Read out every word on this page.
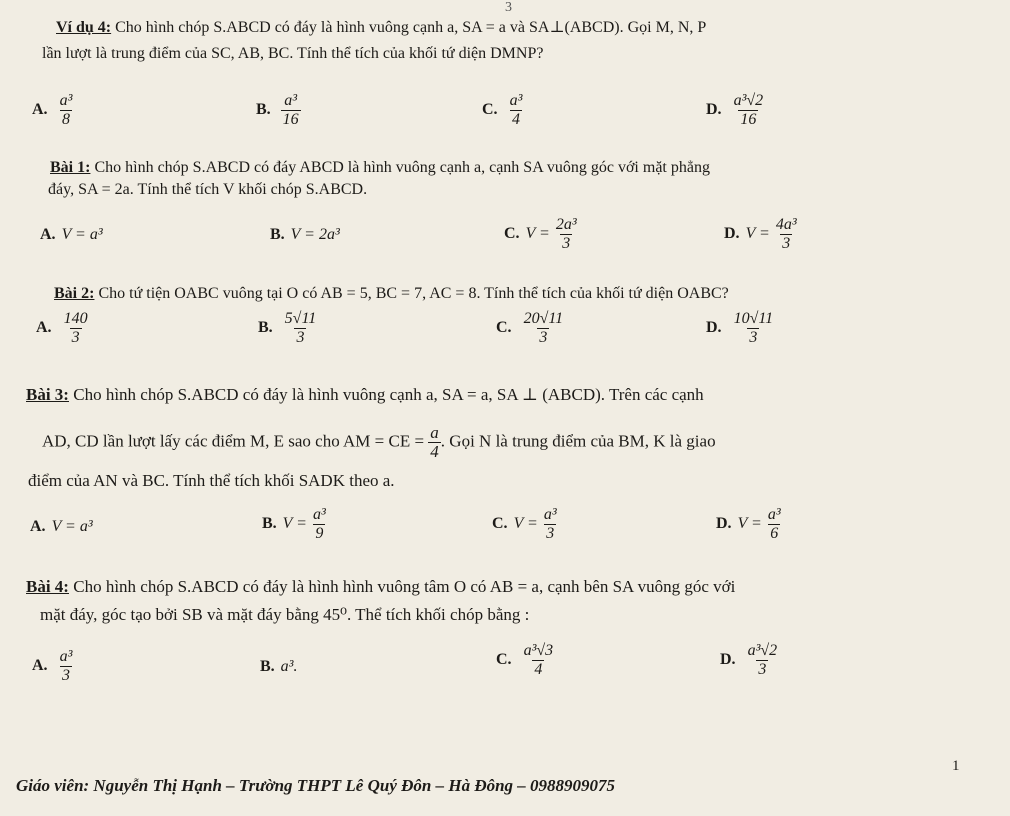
3
Ví dụ 4: Cho hình chóp S.ABCD có đáy là hình vuông cạnh a, SA = a và SA⊥(ABCD). Gọi M, N, P
lần lượt là trung điểm của SC, AB, BC. Tính thể tích của khối tứ diện DMNP?
A. $\frac{\text{a³}}{8}$	B. $\frac{\text{a³}}{16}$	C. $\frac{\text{a³}}{4}$	D. $\frac{\text{a³√2}}{16}$
Bài 1: Cho hình chóp S.ABCD có đáy ABCD là hình vuông cạnh a, cạnh SA vuông góc với mặt phẳng
đáy, SA = 2a. Tính thể tích V khối chóp S.ABCD.
A. V = a³	B. V = 2a³	C. $V = \frac{\text{2a³}}{3}$	D. $V = \frac{\text{4a³}}{3}$
Bài 2: Cho tứ tiện OABC vuông tại O có AB = 5, BC = 7, AC = 8. Tính thể tích của khối tứ diện OABC?
A. $\frac{140}{3}$	B. $\frac{5√11}{3}$	C. $\frac{20√11}{3}$	D. $\frac{10√11}{3}$
Bài 3: Cho hình chóp S.ABCD có đáy là hình vuông cạnh a, SA = a, SA ⊥ (ABCD). Trên các cạnh
AD, CD lần lượt lấy các điểm M, E sao cho AM = CE = $\frac{a}{4}$ . Gọi N là trung điểm của BM, K là giao
điểm của AN và BC. Tính thể tích khối SADK theo a.
A. V = a³	B. $V = \frac{\text{a³}}{9}$	C. $V = \frac{\text{a³}}{3}$	D. $V = \frac{\text{a³}}{6}$
Bài 4: Cho hình chóp S.ABCD có đáy là hình hình vuông tâm O có AB = a, cạnh bên SA vuông góc với
mặt đáy, góc tạo bởi SB và mặt đáy bằng 45⁰. Thể tích khối chóp bằng :
A. $\frac{\text{a³}}{3}$	B. a³.	C. $\frac{\text{a³√3}}{4}$	D. $\frac{\text{a³√2}}{3}$
Giáo viên: Nguyễn Thị Hạnh – Trường THPT Lê Quý Đôn – Hà Đông – 0988909075
1
